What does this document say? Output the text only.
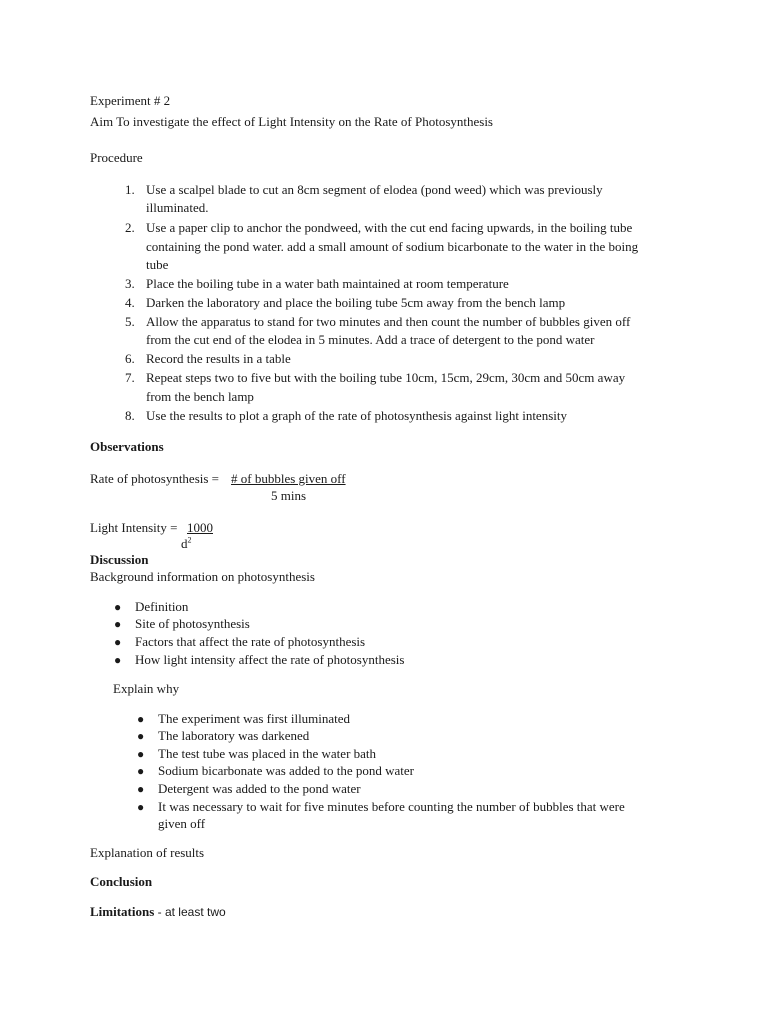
Experiment # 2
Aim To investigate the effect of Light Intensity on the Rate of Photosynthesis
Procedure
1. Use a scalpel blade to cut an 8cm segment of elodea (pond weed) which was previously
illuminated.
2. Use a paper clip to anchor the pondweed, with the cut end facing upwards, in the boiling tube
containing the pond water. add a small amount of sodium bicarbonate to the water in the boing
tube
3. Place the boiling tube in a water bath maintained at room temperature
4. Darken the laboratory and place the boiling tube 5cm away from the bench lamp
5. Allow the apparatus to stand for two minutes and then count the number of bubbles given off
from the cut end of the elodea in 5 minutes. Add a trace of detergent to the pond water
6. Record the results in a table
7. Repeat steps two to five but with the boiling tube 10cm, 15cm, 29cm, 30cm and 50cm away
from the bench lamp
8. Use the results to plot a graph of the rate of photosynthesis against light intensity
Observations
Rate of photosynthesis = # of bubbles given off
5 mins
Light Intensity = 1000
$d^2$
Discussion
Background information on photosynthesis
● Definition
● Site of photosynthesis
● Factors that affect the rate of photosynthesis
● How light intensity affect the rate of photosynthesis
Explain why
● The experiment was first illuminated
● The laboratory was darkened
● The test tube was placed in the water bath
● Sodium bicarbonate was added to the pond water
● Detergent was added to the pond water
● It was necessary to wait for five minutes before counting the number of bubbles that were
given off
Explanation of results
Conclusion
Limitations - at least two
